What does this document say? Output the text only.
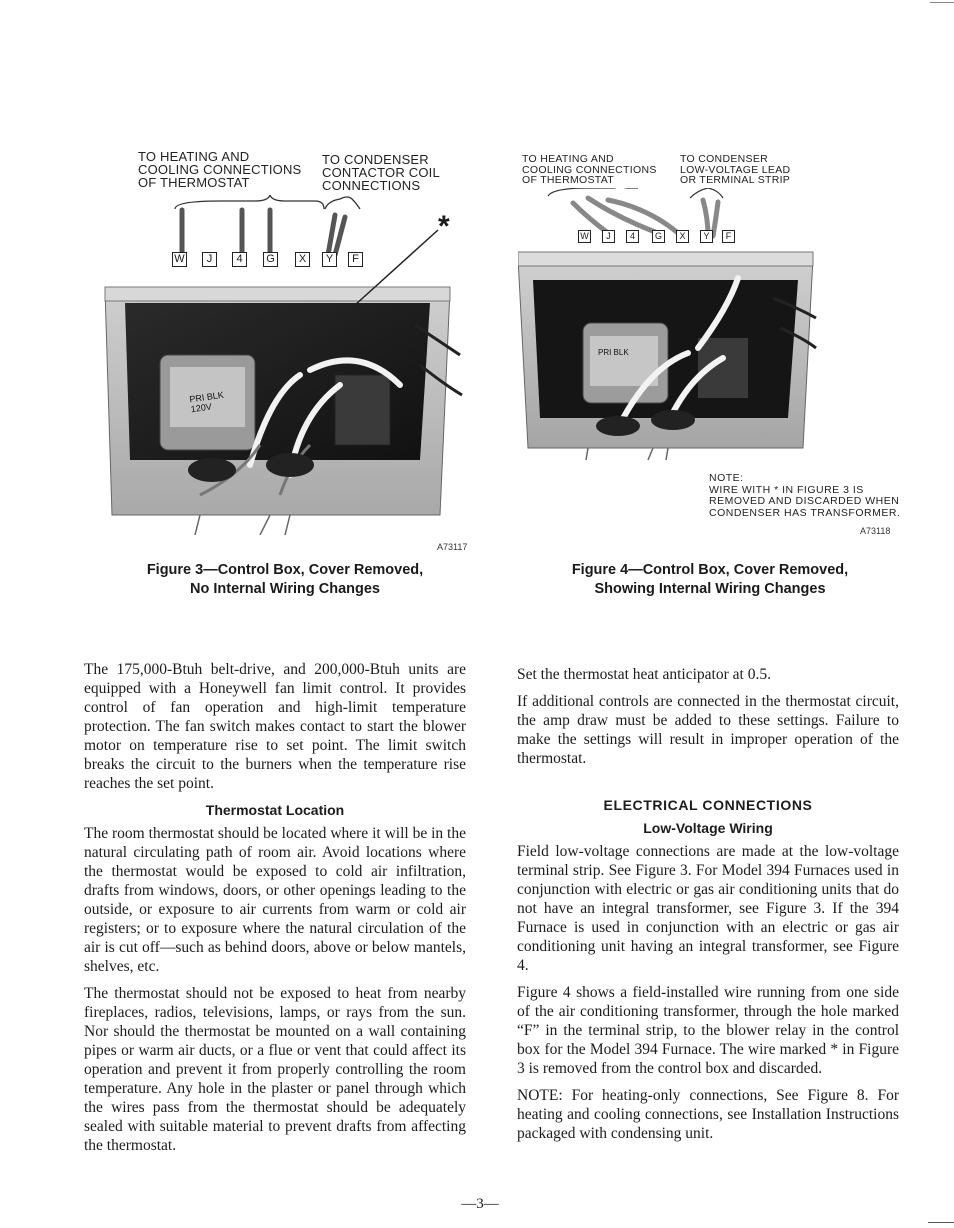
TO HEATING AND
COOLING CONNECTIONS
OF THERMOSTAT
TO CONDENSER
CONTACTOR COIL
CONNECTIONS
*
W	J	4	G	X	Y	F
PRI BLK
120V
A73117
Figure 3—Control Box, Cover Removed,
No Internal Wiring Changes
TO HEATING AND
COOLING CONNECTIONS
OF THERMOSTAT
TO CONDENSER
LOW-VOLTAGE LEAD
OR TERMINAL STRIP
W	J	4	G	X	Y	F
PRI BLK
NOTE:
WIRE WITH * IN FIGURE 3 IS
REMOVED AND DISCARDED WHEN
CONDENSER HAS TRANSFORMER.
A73118
Figure 4—Control Box, Cover Removed,
Showing Internal Wiring Changes

The 175,000-Btuh belt-drive, and 200,000-Btuh units are equipped with a Honeywell fan limit control. It provides control of fan operation and high-limit temperature protection. The fan switch makes contact to start the blower motor on temperature rise to set point. The limit switch breaks the circuit to the burners when the temperature rise reaches the set point.

Thermostat Location

The room thermostat should be located where it will be in the natural circulating path of room air. Avoid locations where the thermostat would be exposed to cold air infiltration, drafts from windows, doors, or other openings leading to the outside, or exposure to air currents from warm or cold air registers; or to exposure where the natural circulation of the air is cut off—such as behind doors, above or below mantels, shelves, etc.

The thermostat should not be exposed to heat from nearby fireplaces, radios, televisions, lamps, or rays from the sun. Nor should the thermostat be mounted on a wall containing pipes or warm air ducts, or a flue or vent that could affect its operation and prevent it from properly controlling the room temperature. Any hole in the plaster or panel through which the wires pass from the thermostat should be adequately sealed with suitable material to prevent drafts from affecting the thermostat.

Set the thermostat heat anticipator at 0.5.

If additional controls are connected in the thermostat circuit, the amp draw must be added to these settings. Failure to make the settings will result in improper operation of the thermostat.

ELECTRICAL CONNECTIONS
Low-Voltage Wiring

Field low-voltage connections are made at the low-voltage terminal strip. See Figure 3. For Model 394 Furnaces used in conjunction with electric or gas air conditioning units that do not have an integral transformer, see Figure 3. If the 394 Furnace is used in conjunction with an electric or gas air conditioning unit having an integral transformer, see Figure 4.

Figure 4 shows a field-installed wire running from one side of the air conditioning transformer, through the hole marked “F” in the terminal strip, to the blower relay in the control box for the Model 394 Furnace. The wire marked * in Figure 3 is removed from the control box and discarded.

NOTE: For heating-only connections, See Figure 8. For heating and cooling connections, see Installation Instructions packaged with condensing unit.

—3—
